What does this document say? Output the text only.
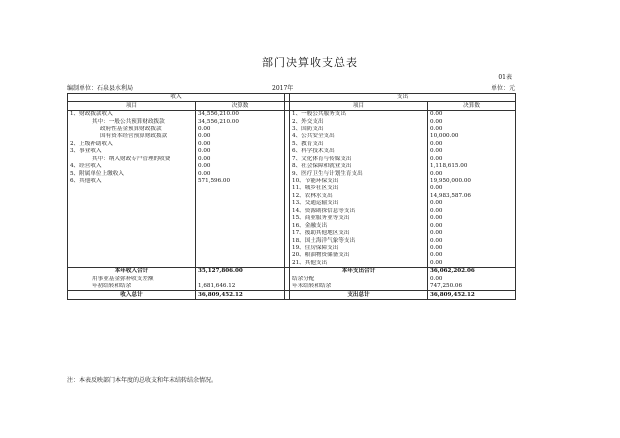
部门决算收支总表
01表
编制单位：石泉县水利局	2017年	单位：元
收入			支出	
项目	决算数		项目	决算数
1、财政拨款收入	34,556,210.00		1、一般公共服务支出	0.00
其中：一般公共预算财政拨款	34,556,210.00		2、外交支出	0.00
政府性基金预算财政拨款	0.00		3、国防支出	0.00
国有资本经营预算财政拨款	0.00		4、公共安全支出	10,000.00
2、上级补助收入	0.00		5、教育支出	0.00
3、事业收入	0.00		6、科学技术支出	0.00
其中：纳入财政专户管理的收费	0.00		7、文化体育与传媒支出	0.00
4、经营收入	0.00		8、社会保障和就业支出	1,118,615.00
5、附属单位上缴收入	0.00		9、医疗卫生与计划生育支出	0.00
6、其他收入	571,596.00		10、节能环保支出	19,950,000.00
			11、城乡社区支出	0.00
			12、农林水支出	14,983,587.06
			13、交通运输支出	0.00
			14、资源勘探信息等支出	0.00
			15、商业服务业等支出	0.00
			16、金融支出	0.00
			17、援助其他地区支出	0.00
			18、国土海洋气象等支出	0.00
			19、住房保障支出	0.00
			20、粮油物资储备支出	0.00
			21、其他支出	0.00
本年收入合计	35,127,806.00		本年支出合计	36,062,202.06
用事业基金弥补收支差额			结余分配	0.00
年初结转和结余	1,681,646.12		年末结转和结余	747,250.06
收入总计	36,809,452.12		支出总计	36,809,452.12
注：本表反映部门本年度的总收支和年末结转结余情况。
